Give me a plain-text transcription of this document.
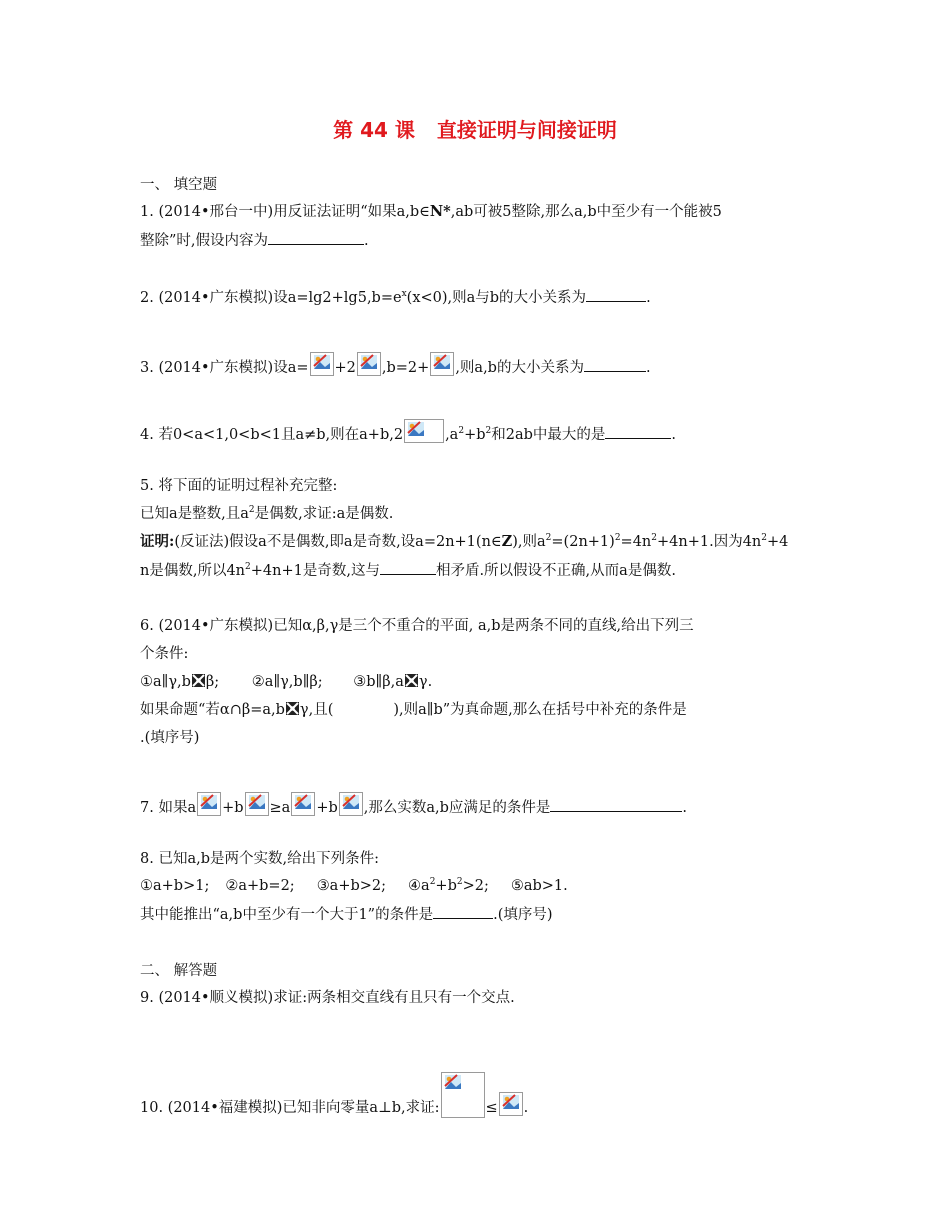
第 44 课 直接证明与间接证明
一、 填空题
1. (2014•邢台一中)用反证法证明“如果a,b∈N*,ab可被5整除,那么a,b中至少有一个能被5
整除”时,假设内容为	.
2. (2014•广东模拟)设$a=\lg 2+\lg 5,b=e^x(x<0)$,则a与b的大小关系为	.
3. (2014•广东模拟)设a= +2 ,b=2+ ,则a,b的大小关系为	.
4. 若0<a<1,0<b<1且a≠b,则在a+b,2	$,a^2+b^2$和2ab中最大的是	.
5. 将下面的证明过程补充完整:
已知a是整数,且$a^2$是偶数,求证:a是偶数.
证明:(反证法)假设a不是偶数,即a是奇数,设a=2n+1(n∈Z),则$a^2=(2n+1)^2=4n^2+4n+1$.因为$4n^2+4$
n是偶数,所以$4n^2+4n+1$是奇数,这与	相矛盾.所以假设不正确,从而a是偶数.
6. (2014•广东模拟)已知α,β,γ是三个不重合的平面, a,b是两条不同的直线,给出下列三
个条件:
①a∥γ,b β; ②a∥γ,b∥β; ③b∥β,a γ.
如果命题“若α∩β=a,b γ,且(	),则a∥b”为真命题,那么在括号中补充的条件是
.(填序号)
7. 如果a +b ≥a +b ,那么实数a,b应满足的条件是	.
8. 已知a,b是两个实数,给出下列条件:
①a+b>1; ②a+b=2; ③a+b>2; $④a^2+b^2>2$; ⑤ab>1.
其中能推出“a,b中至少有一个大于1”的条件是	.(填序号)
二、 解答题
9. (2014•顺义模拟)求证:两条相交直线有且只有一个交点.
10. (2014•福建模拟)已知非向零量a⊥b,求证:	≤ .
